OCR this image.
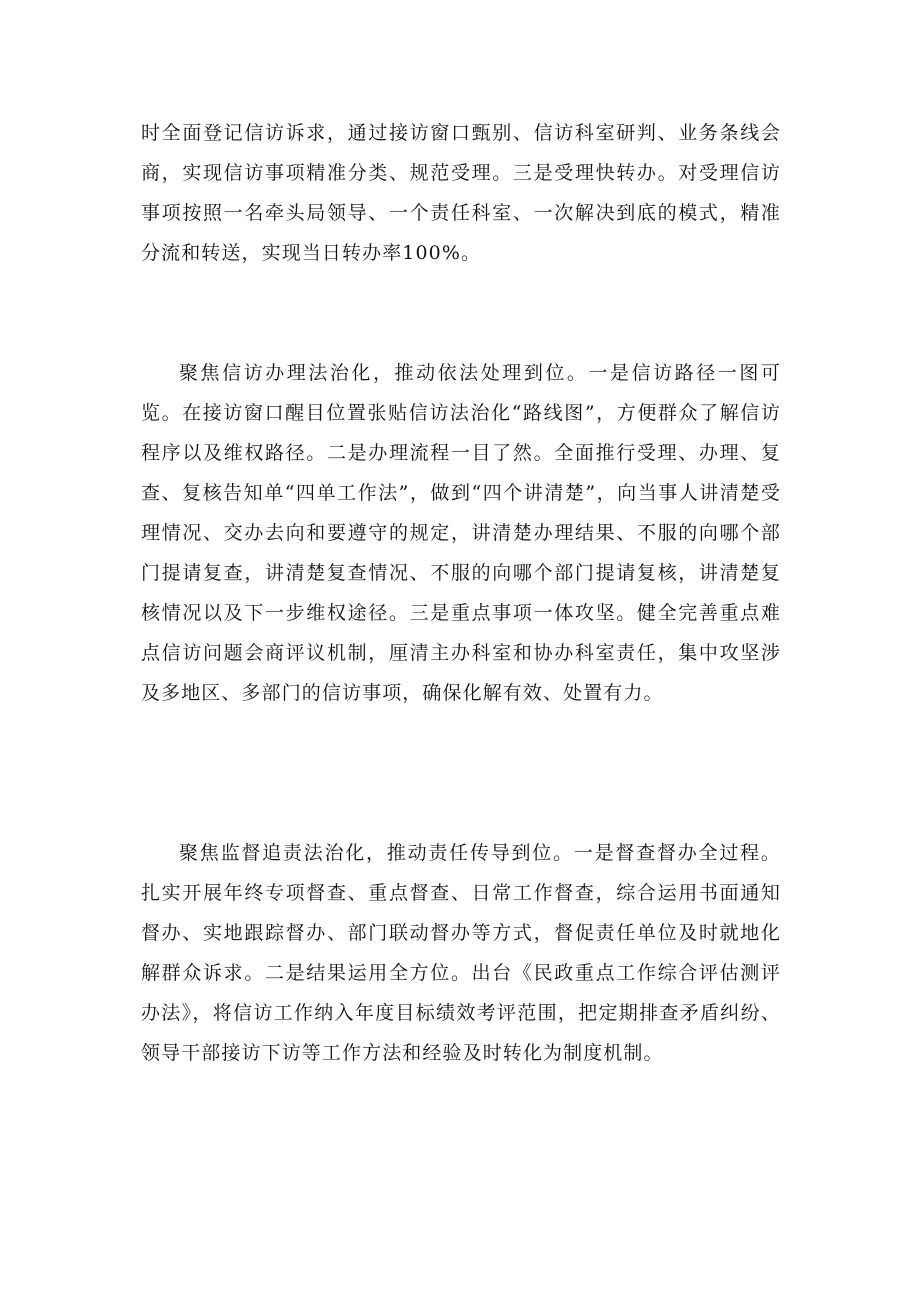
时全面登记信访诉求，通过接访窗口甄别、信访科室研判、业务条线会商，实现信访事项精准分类、规范受理。三是受理快转办。对受理信访事项按照一名牵头局领导、一个责任科室、一次解决到底的模式，精准分流和转送，实现当日转办率100%。

聚焦信访办理法治化，推动依法处理到位。一是信访路径一图可览。在接访窗口醒目位置张贴信访法治化“路线图”，方便群众了解信访程序以及维权路径。二是办理流程一目了然。全面推行受理、办理、复查、复核告知单“四单工作法”，做到“四个讲清楚”，向当事人讲清楚受理情况、交办去向和要遵守的规定，讲清楚办理结果、不服的向哪个部门提请复查，讲清楚复查情况、不服的向哪个部门提请复核，讲清楚复核情况以及下一步维权途径。三是重点事项一体攻坚。健全完善重点难点信访问题会商评议机制，厘清主办科室和协办科室责任，集中攻坚涉及多地区、多部门的信访事项，确保化解有效、处置有力。

聚焦监督追责法治化，推动责任传导到位。一是督查督办全过程。扎实开展年终专项督查、重点督查、日常工作督查，综合运用书面通知督办、实地跟踪督办、部门联动督办等方式，督促责任单位及时就地化解群众诉求。二是结果运用全方位。出台《民政重点工作综合评估测评办法》，将信访工作纳入年度目标绩效考评范围，把定期排查矛盾纠纷、领导干部接访下访等工作方法和经验及时转化为制度机制。
